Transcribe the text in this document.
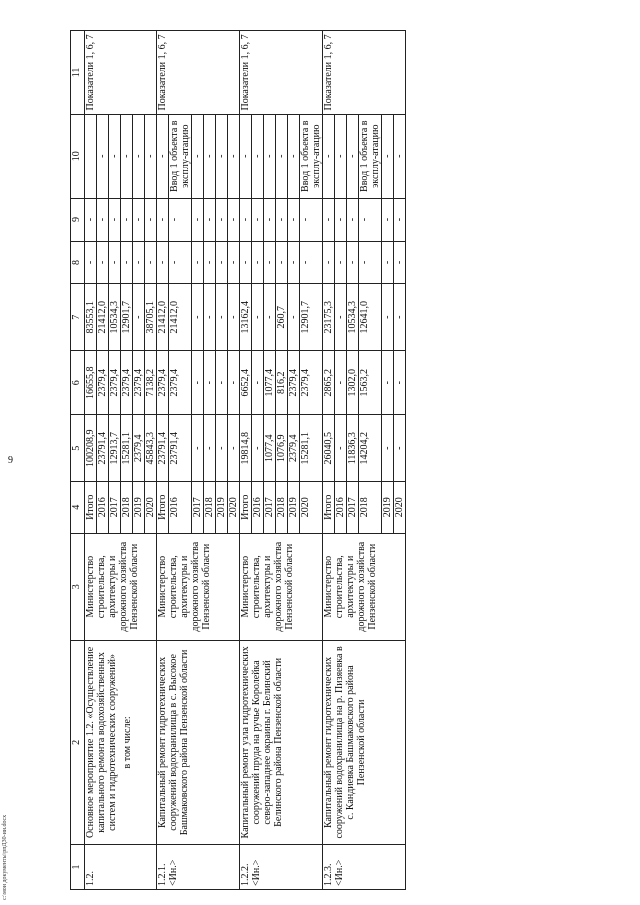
9
c:\мои документы\рпД30-ии.docx	1	2	3	4	5	6	7	8	9	10	11
1.2.	Основное мероприятие 1.2. «Осуществление капитального ремонта водохозяйственных систем и гидротехнических сооружений» в том числе:	Министерство строительства, архитектуры и дорожного хозяйства Пензенской области	Итого	100208,9	16655,8	83553,1	-	-		Показатели 1, 6, 7
			2016	23791,4	2379,4	21412,0	-	-	-	
			2017	12913,7	2379,4	10534,3	-	-	-	
			2018	15281,1	2379,4	12901,7	-	-	-	
			2019	2379,4	2379,4	-	-	-	-	
			2020	45843,3	7138,2	38705,1	-	-	-	
1.2.1. <Ин.>	Капитальный ремонт гидротехнических сооружений водохранилища в с. Высокое Башмаковского района Пензенской области	Министерство строительства, архитектуры и дорожного хозяйства Пензенской области	Итого	23791,4	2379,4	21412,0	-	-	-	Показатели 1, 6, 7
			2016	23791,4	2379,4	21412,0	-	-	Ввод 1 объекта в эксплу-атацию	
			2017	-	-	-	-	-	-	
			2018	-	-	-	-	-	-	
			2019	-	-	-	-	-	-	
			2020	-	-	-	-	-	-	
1.2.2. <Ин.>	Капитальный ремонт узла гидротехнических сооружений пруда на ручье Королейка северо-западнее окраины г. Белинский Белинского района Пензенской области	Министерство строительства, архитектуры и дорожного хозяйства Пензенской области	Итого	19814,8	6652,4	13162,4	-	-	-	Показатели 1, 6, 7
			2016	-	-	-	-	-	-	
			2017	1077,4	1077,4	-	-	-	-	
			2018	1076,9	816,2	260,7	-	-	-	
			2019	2379,4	2379,4	-	-	-	-	
			2020	15281,1	2379,4	12901,7	-	-	Ввод 1 объекта в эксплу-атацию	
1.2.3. <Ин.>	Капитальный ремонт гидротехнических сооружений водохранилища на р. Пизяевка в с. Кандиевка Башмаковского района Пензенской области	Министерство строительства, архитектуры и дорожного хозяйства Пензенской области	Итого	26040,5	2865,2	23175,3	-	-	-	Показатели 1, 6, 7
			2016	-	-	-	-	-	-	
			2017	11836,3	1302,0	10534,3	-	-	-	
			2018	14204,2	1563,2	12641,0	-	-	Ввод 1 объекта в эксплу-атацию	
			2019	-	-	-	-	-	-	
			2020	-	-	-	-	-	-	
